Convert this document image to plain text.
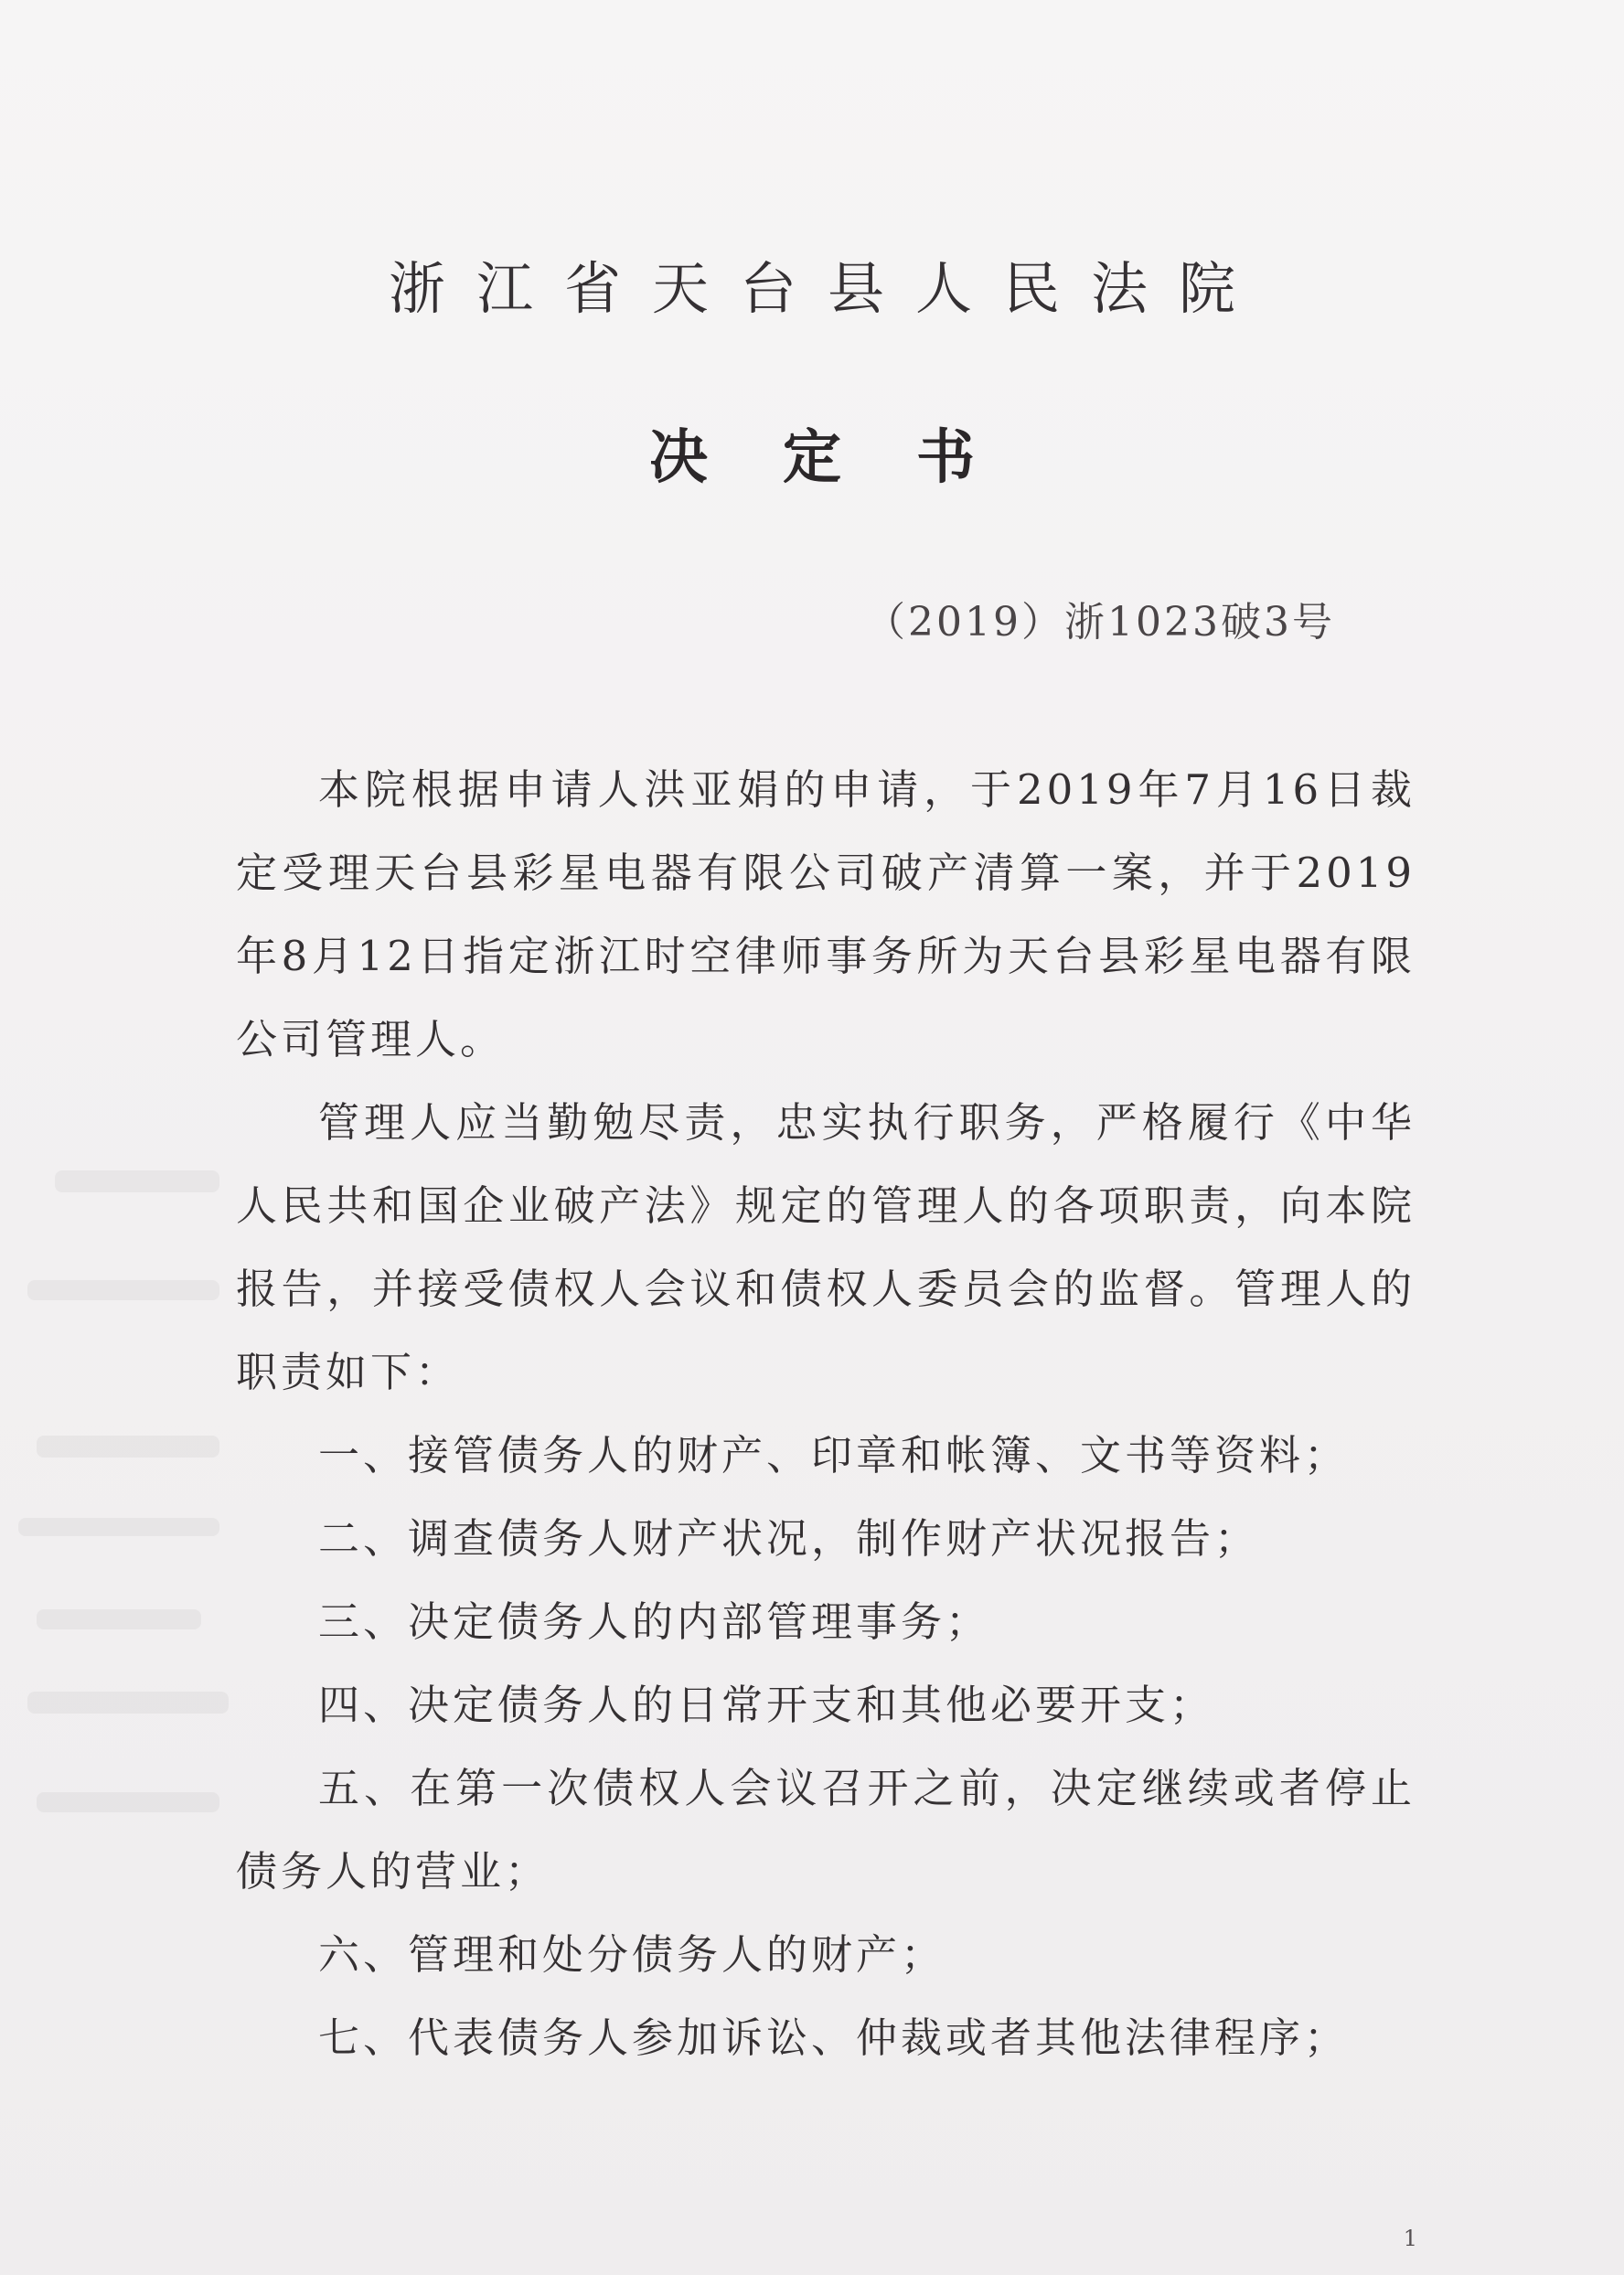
浙江省天台县人民法院
决定书
（2019）浙1023破3号

本院根据申请人洪亚娟的申请，于2019年7月16日裁定受理天台县彩星电器有限公司破产清算一案，并于2019年8月12日指定浙江时空律师事务所为天台县彩星电器有限公司管理人。

管理人应当勤勉尽责，忠实执行职务，严格履行《中华人民共和国企业破产法》规定的管理人的各项职责，向本院报告，并接受债权人会议和债权人委员会的监督。管理人的职责如下：

一、接管债务人的财产、印章和帐簿、文书等资料；

二、调查债务人财产状况，制作财产状况报告；

三、决定债务人的内部管理事务；

四、决定债务人的日常开支和其他必要开支；

五、在第一次债权人会议召开之前，决定继续或者停止债务人的营业；

六、管理和处分债务人的财产；

七、代表债务人参加诉讼、仲裁或者其他法律程序；

1
